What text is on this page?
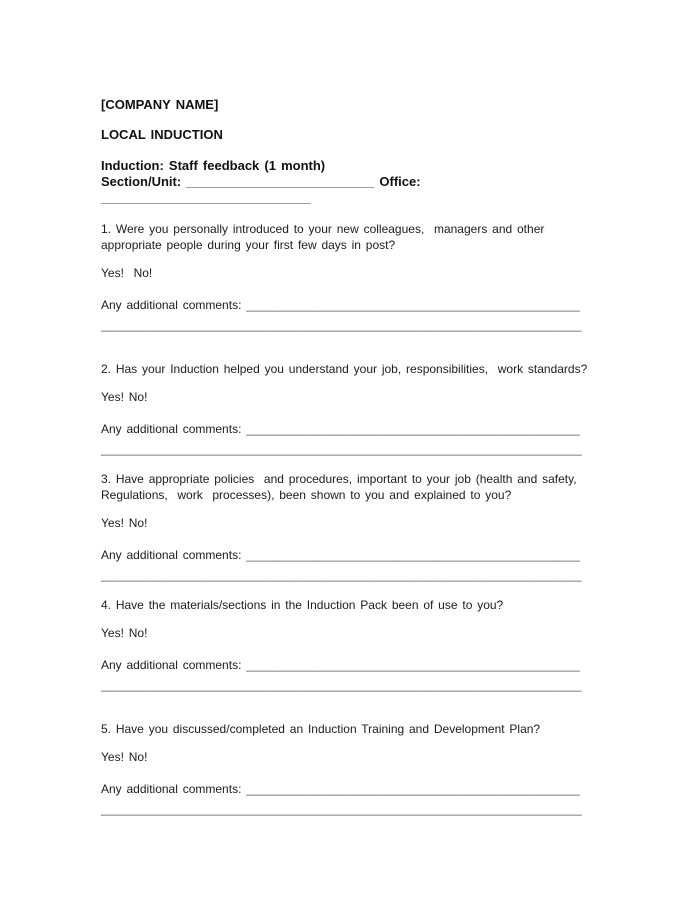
[COMPANY NAME]
LOCAL INDUCTION
Induction: Staff feedback (1 month)
Section/Unit: __________________________ Office:
_____________________________
1. Were you personally introduced to your new colleagues,  managers and other
appropriate people during your first few days in post?
Yes!  No!
Any additional comments: __________________________________________________
________________________________________________________________________
2. Has your Induction helped you understand your job, responsibilities,  work standards?
Yes! No!
Any additional comments: __________________________________________________
________________________________________________________________________
3. Have appropriate policies  and procedures, important to your job (health and safety,
Regulations,  work  processes), been shown to you and explained to you?
Yes! No!
Any additional comments: __________________________________________________
________________________________________________________________________
4. Have the materials/sections in the Induction Pack been of use to you?
Yes! No!
Any additional comments: __________________________________________________
________________________________________________________________________
5. Have you discussed/completed an Induction Training and Development Plan?
Yes! No!
Any additional comments: __________________________________________________
________________________________________________________________________
